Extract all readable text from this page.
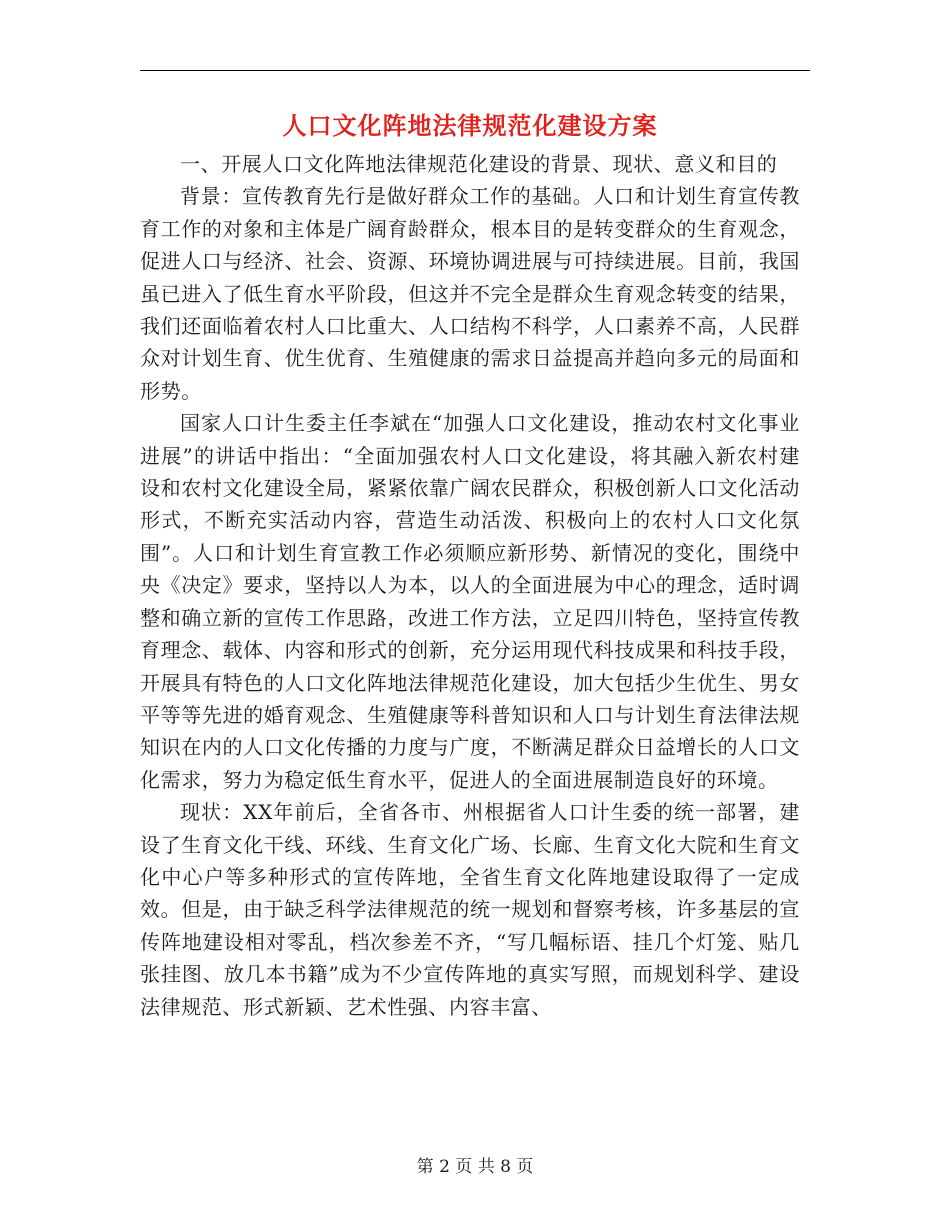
人口文化阵地法律规范化建设方案

一、开展人口文化阵地法律规范化建设的背景、现状、意义和目的

背景：宣传教育先行是做好群众工作的基础。人口和计划生育宣传教育工作的对象和主体是广阔育龄群众，根本目的是转变群众的生育观念，促进人口与经济、社会、资源、环境协调进展与可持续进展。目前，我国虽已进入了低生育水平阶段，但这并不完全是群众生育观念转变的结果，我们还面临着农村人口比重大、人口结构不科学，人口素养不高，人民群众对计划生育、优生优育、生殖健康的需求日益提高并趋向多元的局面和形势。

国家人口计生委主任李斌在“加强人口文化建设，推动农村文化事业进展”的讲话中指出：“全面加强农村人口文化建设，将其融入新农村建设和农村文化建设全局，紧紧依靠广阔农民群众，积极创新人口文化活动形式，不断充实活动内容，营造生动活泼、积极向上的农村人口文化氛围”。人口和计划生育宣教工作必须顺应新形势、新情况的变化，围绕中央《决定》要求，坚持以人为本，以人的全面进展为中心的理念，适时调整和确立新的宣传工作思路，改进工作方法，立足四川特色，坚持宣传教育理念、载体、内容和形式的创新，充分运用现代科技成果和科技手段，开展具有特色的人口文化阵地法律规范化建设，加大包括少生优生、男女平等等先进的婚育观念、生殖健康等科普知识和人口与计划生育法律法规知识在内的人口文化传播的力度与广度，不断满足群众日益增长的人口文化需求，努力为稳定低生育水平，促进人的全面进展制造良好的环境。

现状：XX年前后，全省各市、州根据省人口计生委的统一部署，建设了生育文化干线、环线、生育文化广场、长廊、生育文化大院和生育文化中心户等多种形式的宣传阵地，全省生育文化阵地建设取得了一定成效。但是，由于缺乏科学法律规范的统一规划和督察考核，许多基层的宣传阵地建设相对零乱，档次参差不齐，“写几幅标语、挂几个灯笼、贴几张挂图、放几本书籍”成为不少宣传阵地的真实写照，而规划科学、建设法律规范、形式新颖、艺术性强、内容丰富、

第 2 页 共 8 页
